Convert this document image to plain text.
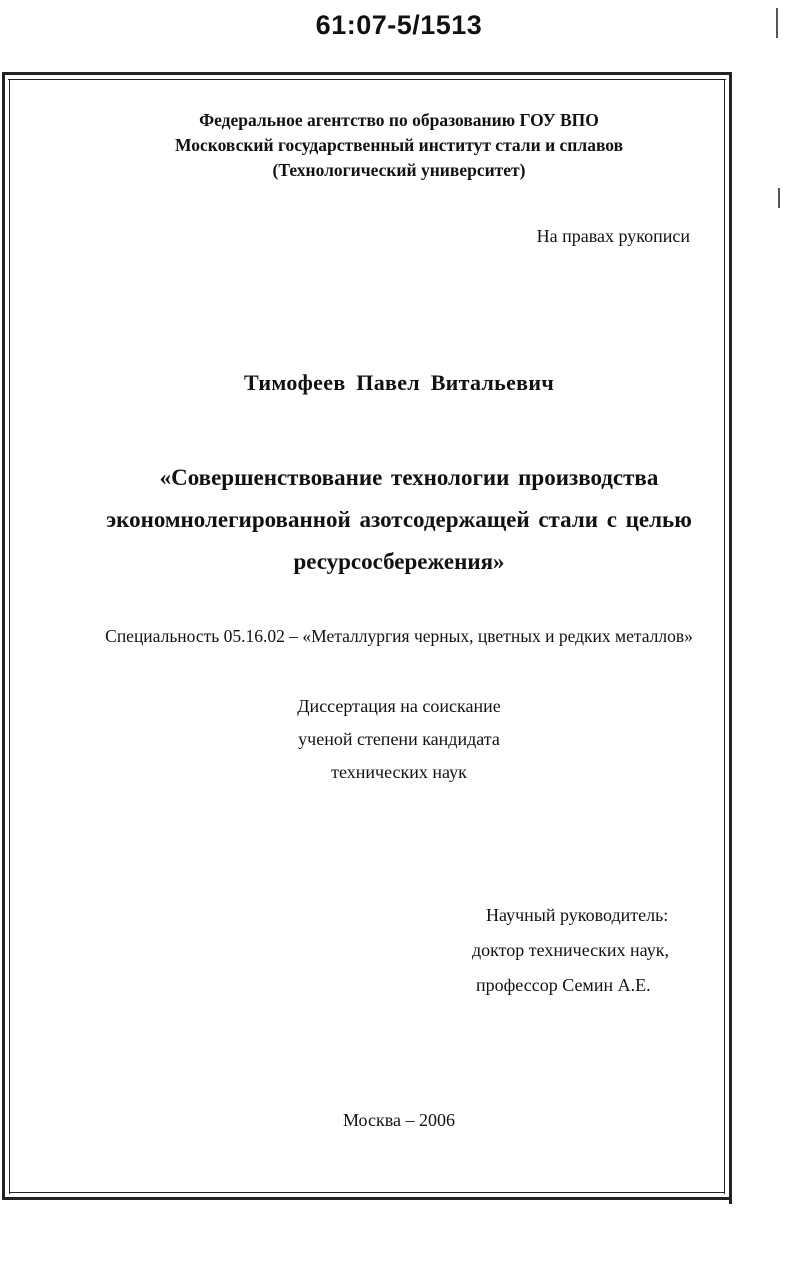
61:07-5/1513
Федеральное агентство по образованию ГОУ ВПО
Московский государственный институт стали и сплавов
(Технологический университет)
На правах рукописи
Тимофеев Павел Витальевич
«Совершенствование технологии производства
экономнолегированной азотсодержащей стали с целью
ресурсосбережения»
Специальность 05.16.02 – «Металлургия черных, цветных и редких металлов»
Диссертация на соискание
ученой степени кандидата
технических наук
Научный руководитель:
доктор технических наук,
профессор Семин А.Е.
Москва – 2006
